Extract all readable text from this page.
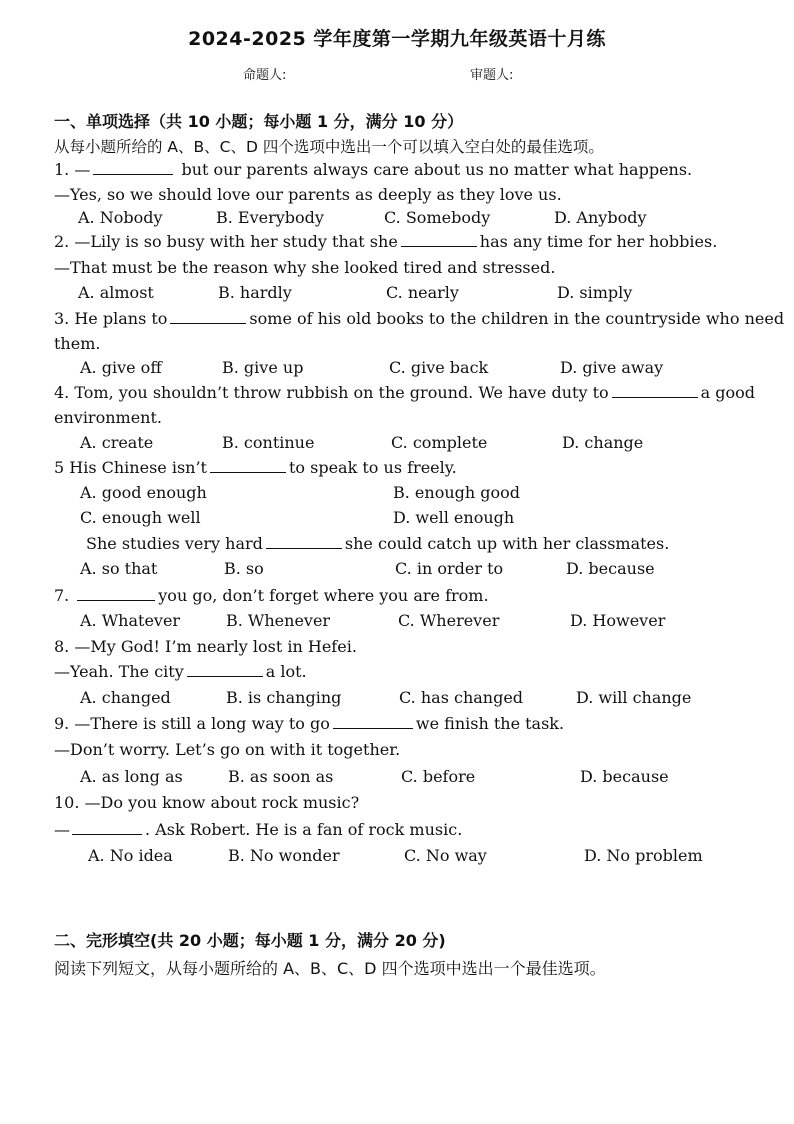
2024-2025 学年度第一学期九年级英语十月练
命题人:	审题人:
一、单项选择（共 10 小题；每小题 1 分，满分 10 分）
从每小题所给的 A、B、C、D 四个选项中选出一个可以填入空白处的最佳选项。
1. —	but our parents always care about us no matter what happens.
—Yes, so we should love our parents as deeply as they love us.
A. Nobody	B. Everybody	C. Somebody	D. Anybody
2. —Lily is so busy with her study that she	has any time for her hobbies.
—That must be the reason why she looked tired and stressed.
A. almost	B. hardly	C. nearly	D. simply
3. He plans to	some of his old books to the children in the countryside who need
them.
A. give off	B. give up	C. give back	D. give away
4. Tom, you shouldn’t throw rubbish on the ground. We have duty to	a good
environment.
A. create	B. continue	C. complete	D. change
5 His Chinese isn’t	to speak to us freely.
A. good enough	B. enough good
C. enough well	D. well enough
She studies very hard	she could catch up with her classmates.
A. so that	B. so	C. in order to	D. because
7.	you go, don’t forget where you are from.
A. Whatever	B. Whenever	C. Wherever	D. However
8. —My God! I’m nearly lost in Hefei.
—Yeah. The city	a lot.
A. changed	B. is changing	C. has changed	D. will change
9. —There is still a long way to go	we finish the task.
—Don’t worry. Let’s go on with it together.
A. as long as	B. as soon as	C. before	D. because
10. —Do you know about rock music?
—	. Ask Robert. He is a fan of rock music.
A. No idea	B. No wonder	C. No way	D. No problem
二、完形填空(共 20 小题；每小题 1 分，满分 20 分)
阅读下列短文，从每小题所给的 A、B、C、D 四个选项中选出一个最佳选项。
